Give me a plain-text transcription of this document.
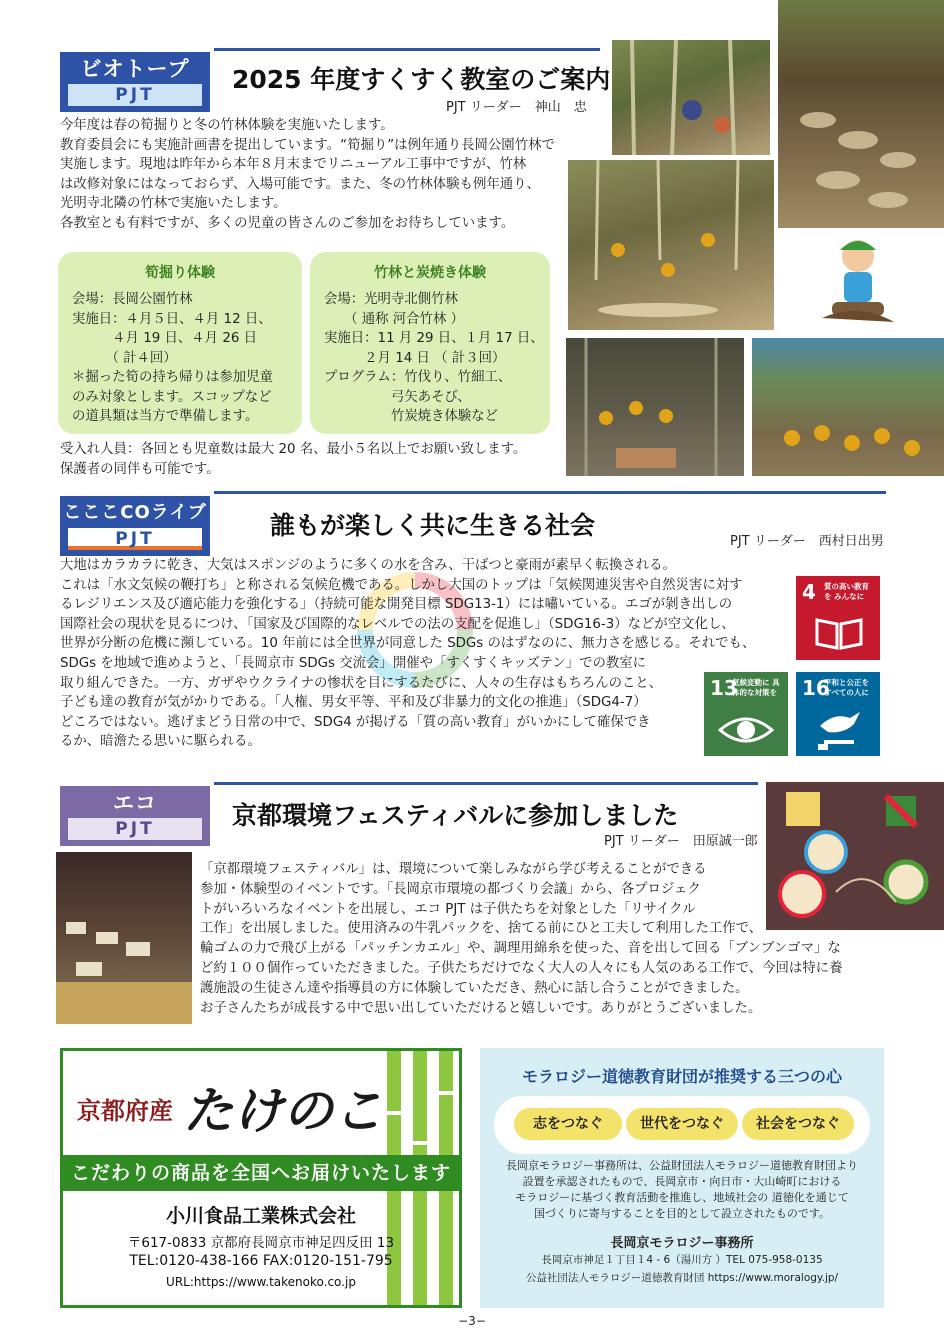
ビオトープ
PJT
2025 年度すくすく教室のご案内
PJT リーダー　神山　忠

今年度は春の筍掘りと冬の竹林体験を実施いたします。

教育委員会にも実施計画書を提出しています。“筍掘り”は例年通り長岡公園竹林で

実施します。現地は昨年から本年８月末までリニューアル工事中ですが、竹林

は改修対象にはなっておらず、入場可能です。また、冬の竹林体験も例年通り、

光明寺北隣の竹林で実施いたします。

各教室とも有料ですが、多くの児童の皆さんのご参加をお待ちしています。

筍掘り体験

会場：長岡公園竹林

実施日：４月５日、４月 12 日、

　　　４月 19 日、４月 26 日

　　　（ 計４回）

＊掘った筍の持ち帰りは参加児童

のみ対象とします。スコップなど

の道具類は当方で準備します。

竹林と炭焼き体験

会場：光明寺北側竹林

　　（ 通称 河合竹林 ）

実施日：11 月 29 日、１月 17 日、

　　　２月 14 日 （ 計３回）

プログラム：竹伐り、竹細工、

　　　　　弓矢あそび、

　　　　　竹炭焼き体験など

受入れ人員：各回とも児童数は最大 20 名、最小５名以上でお願い致します。

保護者の同伴も可能です。

こここCOライブ
PJT	誰もが楽しく共に生きる社会
PJT リーダー　西村日出男

大地はカラカラに乾き、大気はスポンジのように多くの水を含み、干ばつと豪雨が素早く転換される。

これは「水文気候の鞭打ち」と称される気候危機である。しかし大国のトップは「気候関連災害や自然災害に対す

るレジリエンス及び適応能力を強化する」（持続可能な開発目標 SDG13-1）には嘯いている。エゴが剝き出しの

国際社会の現状を見るにつけ、「国家及び国際的なレベルでの法の支配を促進し」（SDG16-3）などが空文化し、

世界が分断の危機に瀕している。10 年前には全世界が同意した SDGs のはずなのに、無力さを感じる。それでも、

SDGs を地域で進めようと、「長岡京市 SDGs 交流会」開催や「すくすくキッズテン」での教室に

取り組んできた。一方、ガザやウクライナの惨状を目にするたびに、人々の生存はもちろんのこと、

子ども達の教育が気がかりである。「人権、男女平等、平和及び非暴力的文化の推進」（SDG4-7）

どころではない。逃げまどう日常の中で、SDG4 が掲げる「質の高い教育」がいかにして確保でき

るか、暗澹たる思いに駆られる。

4 質の高い教育を みんなに
13
気候変動に 具体的な対策を 16
平和と公正を すべての人に
エコ
PJT	京都環境フェスティバルに参加しました
PJT リーダー　田原誠一郎

「京都環境フェスティバル」は、環境について楽しみながら学び考えることができる

参加・体験型のイベントです。「長岡京市環境の都づくり会議」から、各プロジェク

トがいろいろなイベントを出展し、エコ PJT は子供たちを対象とした「リサイクル

工作」を出展しました。使用済みの牛乳パックを、捨てる前にひと工夫して利用した工作で、

輪ゴムの力で飛び上がる「パッチンカエル」や、調理用綿糸を使った、音を出して回る「ブンブンゴマ」な

ど約１００個作っていただきました。子供たちだけでなく大人の人々にも人気のある工作で、今回は特に養

護施設の生徒さん達や指導員の方に体験していただき、熱心に話し合うことができました。

お子さんたちが成長する中で思い出していただけると嬉しいです。ありがとうございました。

京都府産 たけのこ
こだわりの商品を全国へお届けいたします
小川食品工業株式会社
〒617-0833 京都府長岡京市神足四反田 13
TEL:0120-438-166 FAX:0120-151-795
URL:https://www.takenoko.co.jp
モラロジー道徳教育財団が推奨する三つの心
志をつなぐ	世代をつなぐ	社会をつなぐ

長岡京モラロジー事務所は、公益財団法人モラロジー道徳教育財団より

設置を承認されたもので、長岡京市・向日市・大山崎町における

モラロジーに基づく教育活動を推進し、地域社会の 道徳化を通じて

国づくりに寄与することを目的として設立されたものです。

長岡京モラロジー事務所
長岡京市神足１丁目１4 - 6（湯川方 ）TEL 075-958-0135
公益社団法人モラロジー道徳教育財団 https://www.moralogy.jp/
−3−
